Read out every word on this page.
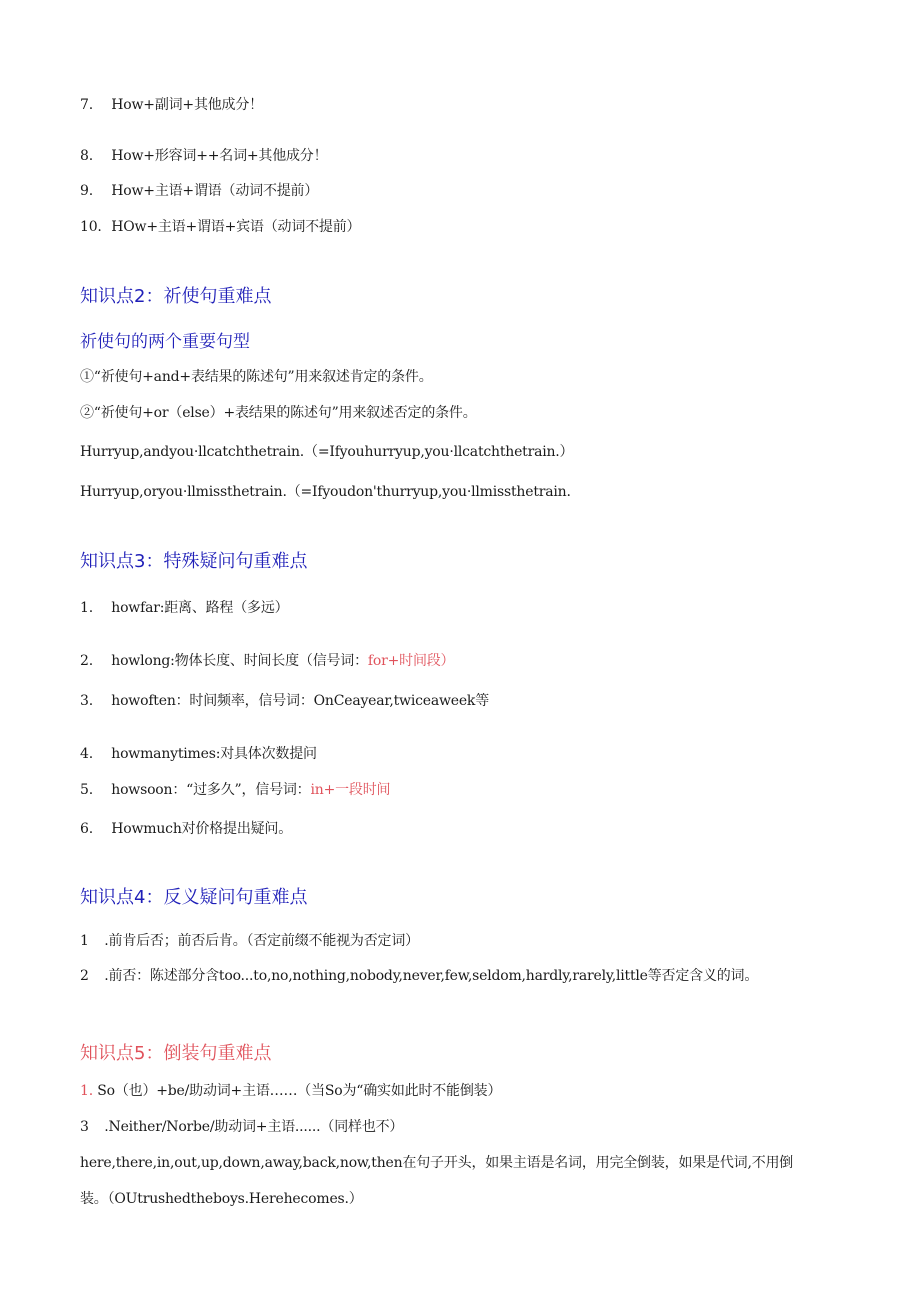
7. How+副词+其他成分！
8. How+形容词++名词+其他成分！
9. How+主语+谓语（动词不提前）
10. HOw+主语+谓语+宾语（动词不提前）
知识点2：祈使句重难点
祈使句的两个重要句型
①“祈使句+and+表结果的陈述句”用来叙述肯定的条件。
②“祈使句+or（else）+表结果的陈述句”用来叙述否定的条件。
Hurryup,andyou·llcatchthetrain.（=Ifyouhurryup,you·llcatchthetrain.）
Hurryup,oryou·llmissthetrain.（=Ifyoudon'thurryup,you·llmissthetrain.
知识点3：特殊疑问句重难点
1. howfar:距离、路程（多远）
2. howlong:物体长度、时间长度（信号词：for+时间段）
3. howoften：时间频率，信号词：OnCeayear,twiceaweek等
4. howmanytimes:对具体次数提问
5. howsoon：“过多久”，信号词：in+一段时间
6. Howmuch对价格提出疑问。
知识点4：反义疑问句重难点
1 .前肯后否；前否后肯。（否定前缀不能视为否定词）
2 .前否：陈述部分含too...to,no,nothing,nobody,never,few,seldom,hardly,rarely,little等否定含义的词。
知识点5：倒装句重难点
1. So（也）+be/助动词+主语……（当So为“确实如此时不能倒装）
3 .Neither/Norbe/助动词+主语......（同样也不）
here,there,in,out,up,down,away,back,now,then在句子开头，如果主语是名词，用完全倒装，如果是代词,不用倒装。（OUtrushedtheboys.Herehecomes.）
